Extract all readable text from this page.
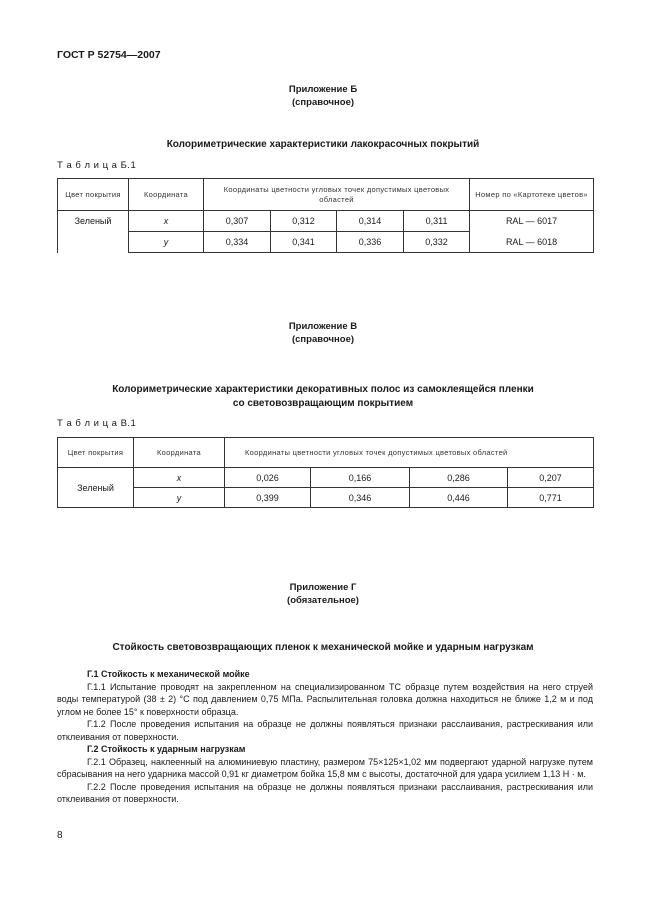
ГОСТ Р 52754—2007
Приложение Б
(справочное)
Колориметрические характеристики лакокрасочных покрытий
Т а б л и ц а Б.1
Цвет покрытия	Координата	Координаты цветности угловых точек допустимых цветовых областей				Номер по «Картотеке цветов»
Зеленый	x	0,307	0,312	0,314	0,311	RAL — 6017
	y	0,334	0,341	0,336	0,332	RAL — 6018
Приложение В
(справочное)
Колориметрические характеристики декоративных полос из самоклеящейся пленки
со световозвращающим покрытием
Т а б л и ц а В.1
Цвет покрытия	Координата	Координаты цветности угловых точек допустимых цветовых областей			
Зеленый	x	0,026	0,166	0,286	0,207
	y	0,399	0,346	0,446	0,771
Приложение Г
(обязательное)
Стойкость световозвращающих пленок к механической мойке и ударным нагрузкам

Г.1 Стойкость к механической мойке

Г.1.1 Испытание проводят на закрепленном на специализированном ТС образце путем воздействия на него струей воды температурой (38 ± 2) °С под давлением 0,75 МПа. Распылительная головка должна находиться не ближе 1,2 м и под углом не более 15° к поверхности образца.

Г.1.2 После проведения испытания на образце не должны появляться признаки расслаивания, растрескивания или отклеивания от поверхности.

Г.2 Стойкость к ударным нагрузкам

Г.2.1 Образец, наклеенный на алюминиевую пластину, размером 75×125×1,02 мм подвергают ударной нагрузке путем сбрасывания на него ударника массой 0,91 кг диаметром бойка 15,8 мм с высоты, достаточной для удара усилием 1,13 Н · м.

Г.2.2 После проведения испытания на образце не должны появляться признаки расслаивания, растрескивания или отклеивания от поверхности.

8
